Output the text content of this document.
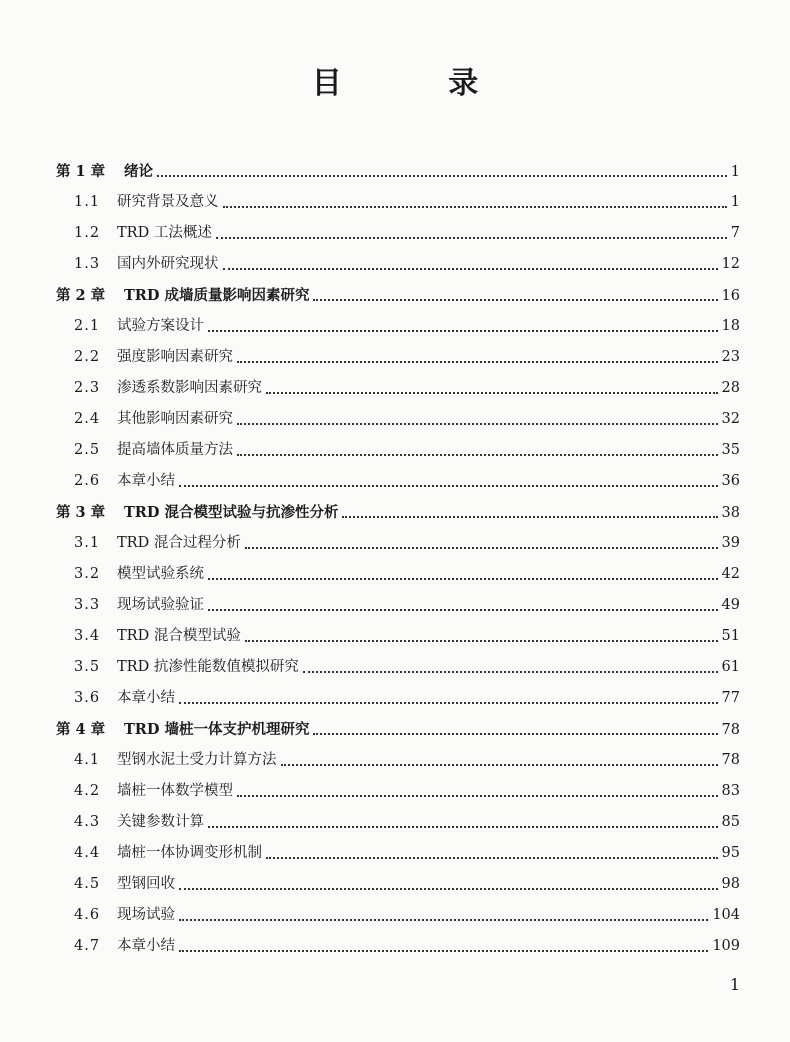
目 录
第 1 章	绪论	1
1.1	研究背景及意义	1
1.2	TRD 工法概述	7
1.3	国内外研究现状	12
第 2 章	TRD 成墙质量影响因素研究	16
2.1	试验方案设计	18
2.2	强度影响因素研究	23
2.3	渗透系数影响因素研究	28
2.4	其他影响因素研究	32
2.5	提高墙体质量方法	35
2.6	本章小结	36
第 3 章	TRD 混合模型试验与抗渗性分析	38
3.1	TRD 混合过程分析	39
3.2	模型试验系统	42
3.3	现场试验验证	49
3.4	TRD 混合模型试验	51
3.5	TRD 抗渗性能数值模拟研究	61
3.6	本章小结	77
第 4 章	TRD 墙桩一体支护机理研究	78
4.1	型钢水泥土受力计算方法	78
4.2	墙桩一体数学模型	83
4.3	关键参数计算	85
4.4	墙桩一体协调变形机制	95
4.5	型钢回收	98
4.6	现场试验	104
4.7	本章小结	109
1
